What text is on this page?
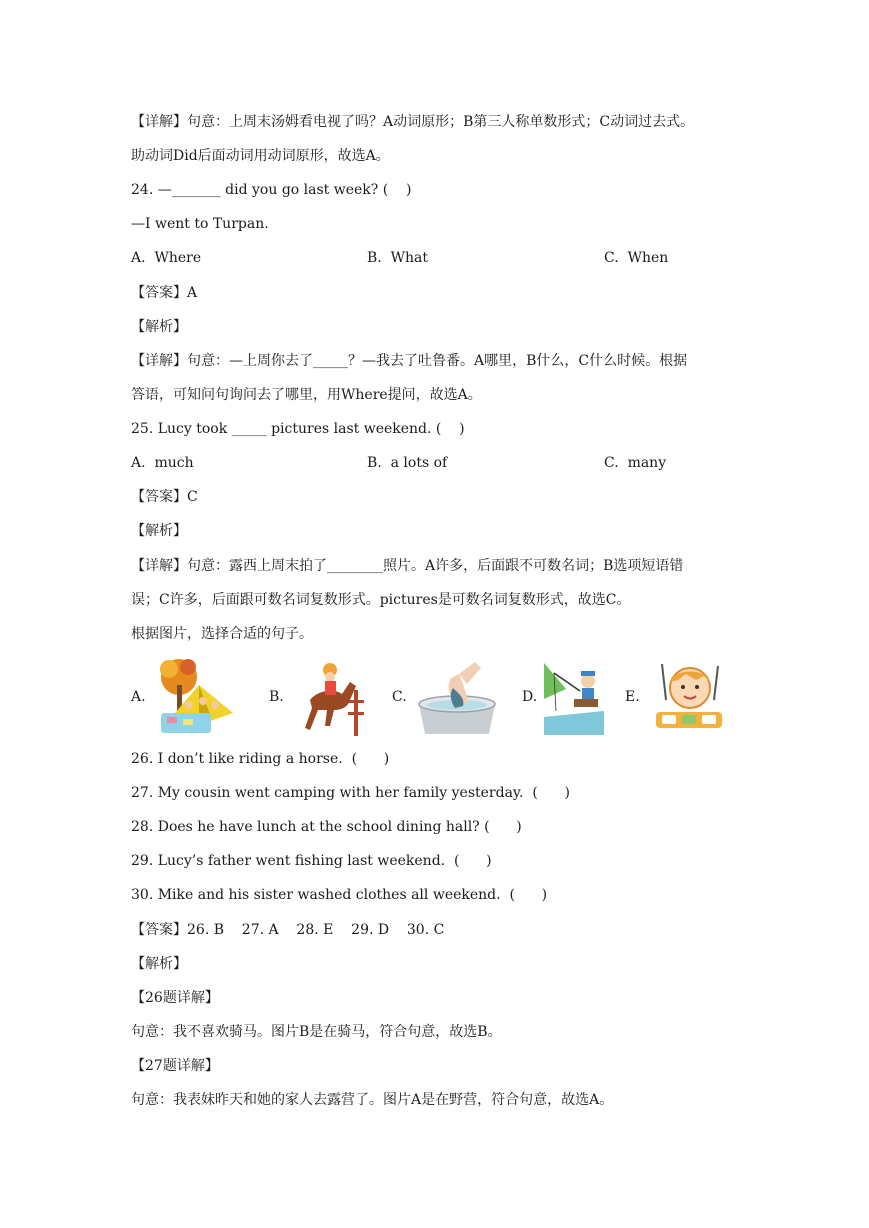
【详解】句意：上周末汤姆看电视了吗？A动词原形；B第三人称单数形式；C动词过去式。
助动词Did后面动词用动词原形，故选A。
24. —_______ did you go last week? (    )
—I went to Turpan.
A.  Where	B.  What	C.  When
【答案】A
【解析】
【详解】句意：—上周你去了_____？—我去了吐鲁番。A哪里，B什么，C什么时候。根据
答语，可知问句询问去了哪里，用Where提问，故选A。
25. Lucy took _____ pictures last weekend. (    )
A.  much	B.  a lots of	C.  many
【答案】C
【解析】
【详解】句意：露西上周末拍了________照片。A许多，后面跟不可数名词；B选项短语错
误；C许多，后面跟可数名词复数形式。pictures是可数名词复数形式，故选C。
根据图片，选择合适的句子。
A.	B.	C.	D.	E.
26. I don’t like riding a horse.  (      )
27. My cousin went camping with her family yesterday.  (      )
28. Does he have lunch at the school dining hall? (      )
29. Lucy’s father went fishing last weekend.  (      )
30. Mike and his sister washed clothes all weekend.  (      )
【答案】26. B    27. A    28. E    29. D    30. C
【解析】
【26题详解】
句意：我不喜欢骑马。图片B是在骑马，符合句意，故选B。
【27题详解】
句意：我表妹昨天和她的家人去露营了。图片A是在野营，符合句意，故选A。
